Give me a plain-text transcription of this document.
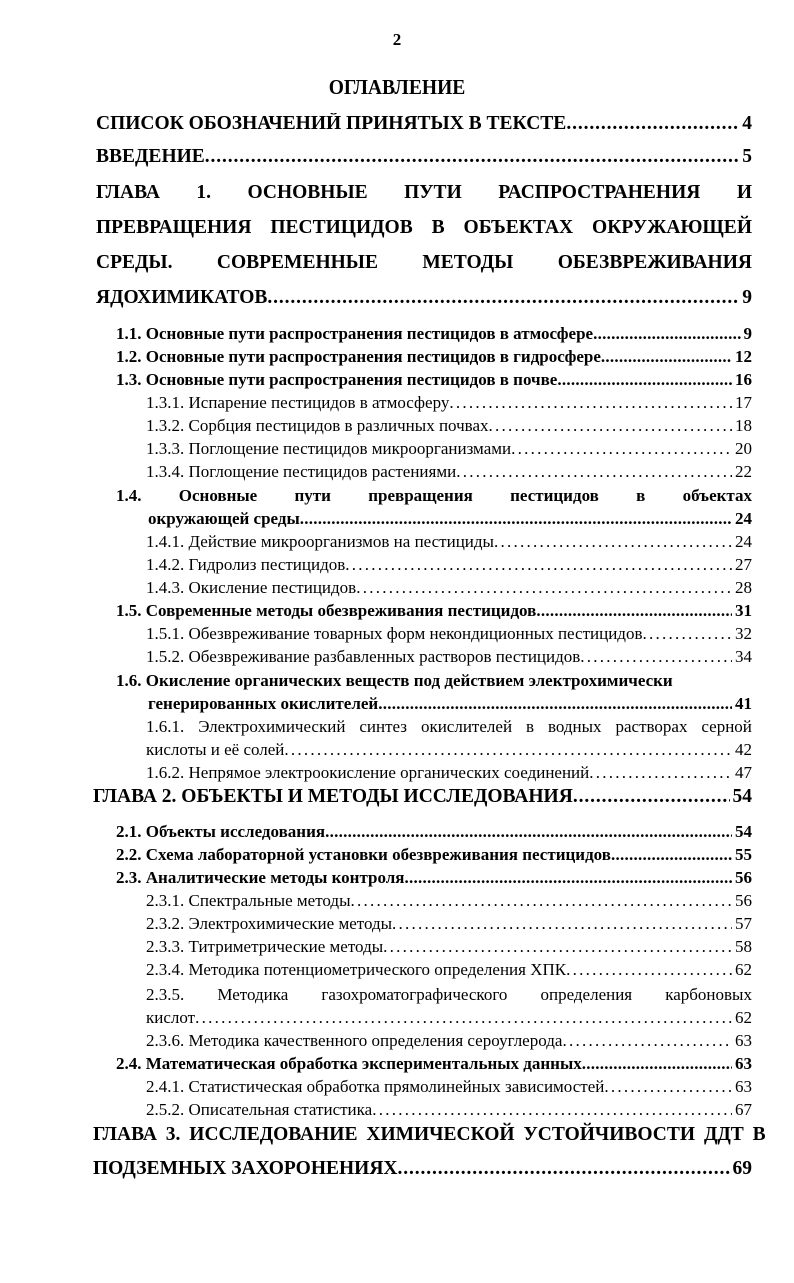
2
ОГЛАВЛЕНИЕ
СПИСОК ОБОЗНАЧЕНИЙ ПРИНЯТЫХ В ТЕКСТЕ . . .	4
ВВЕДЕНИЕ . . .	5
ГЛАВА 1. ОСНОВНЫЕ ПУТИ РАСПРОСТРАНЕНИЯ И
ПРЕВРАЩЕНИЯ ПЕСТИЦИДОВ В ОБЪЕКТАХ ОКРУЖАЮЩЕЙ
СРЕДЫ. СОВРЕМЕННЫЕ МЕТОДЫ ОБЕЗВРЕЖИВАНИЯ
ЯДОХИМИКАТОВ . . .	9
1.1. Основные пути распространения пестицидов в атмосфере . . .	9
1.2. Основные пути распространения пестицидов в гидросфере . . .	12
1.3. Основные пути распространения пестицидов в почве . . .	16
1.3.1. Испарение пестицидов в атмосферу . . .	17
1.3.2. Сорбция пестицидов в различных почвах . . .	18
1.3.3. Поглощение пестицидов микроорганизмами . . .	20
1.3.4. Поглощение пестицидов растениями . . .	22
1.4. Основные пути превращения пестицидов в объектах
окружающей среды . . .	24
1.4.1. Действие микроорганизмов на пестициды . . .	24
1.4.2. Гидролиз пестицидов . . .	27
1.4.3. Окисление пестицидов . . .	28
1.5. Современные методы обезвреживания пестицидов . . .	31
1.5.1. Обезвреживание товарных форм некондиционных пестицидов . . .	32
1.5.2. Обезвреживание разбавленных растворов пестицидов . . .	34
1.6. Окисление органических веществ под действием электрохимически
генерированных окислителей . . .	41
1.6.1. Электрохимический синтез окислителей в водных растворах серной
кислоты и её солей . . .	42
1.6.2. Непрямое электроокисление органических соединений . . .	47
ГЛАВА 2. ОБЪЕКТЫ И МЕТОДЫ ИССЛЕДОВАНИЯ . . .	54
2.1. Объекты исследования . . .	54
2.2. Схема лабораторной установки обезвреживания пестицидов . . .	55
2.3. Аналитические методы контроля . . .	56
2.3.1. Спектральные методы . . .	56
2.3.2. Электрохимические методы . . .	57
2.3.3. Титриметрические методы . . .	58
2.3.4. Методика потенциометрического определения ХПК . . .	62
2.3.5. Методика газохроматографического определения карбоновых
кислот . . .	62
2.3.6. Методика качественного определения сероуглерода . . .	63
2.4. Математическая обработка экспериментальных данных . . .	63
2.4.1. Статистическая обработка прямолинейных зависимостей . . .	63
2.5.2. Описательная статистика . . .	67
ГЛАВА 3. ИССЛЕДОВАНИЕ ХИМИЧЕСКОЙ УСТОЙЧИВОСТИ ДДТ В
ПОДЗЕМНЫХ ЗАХОРОНЕНИЯХ . . .	69
